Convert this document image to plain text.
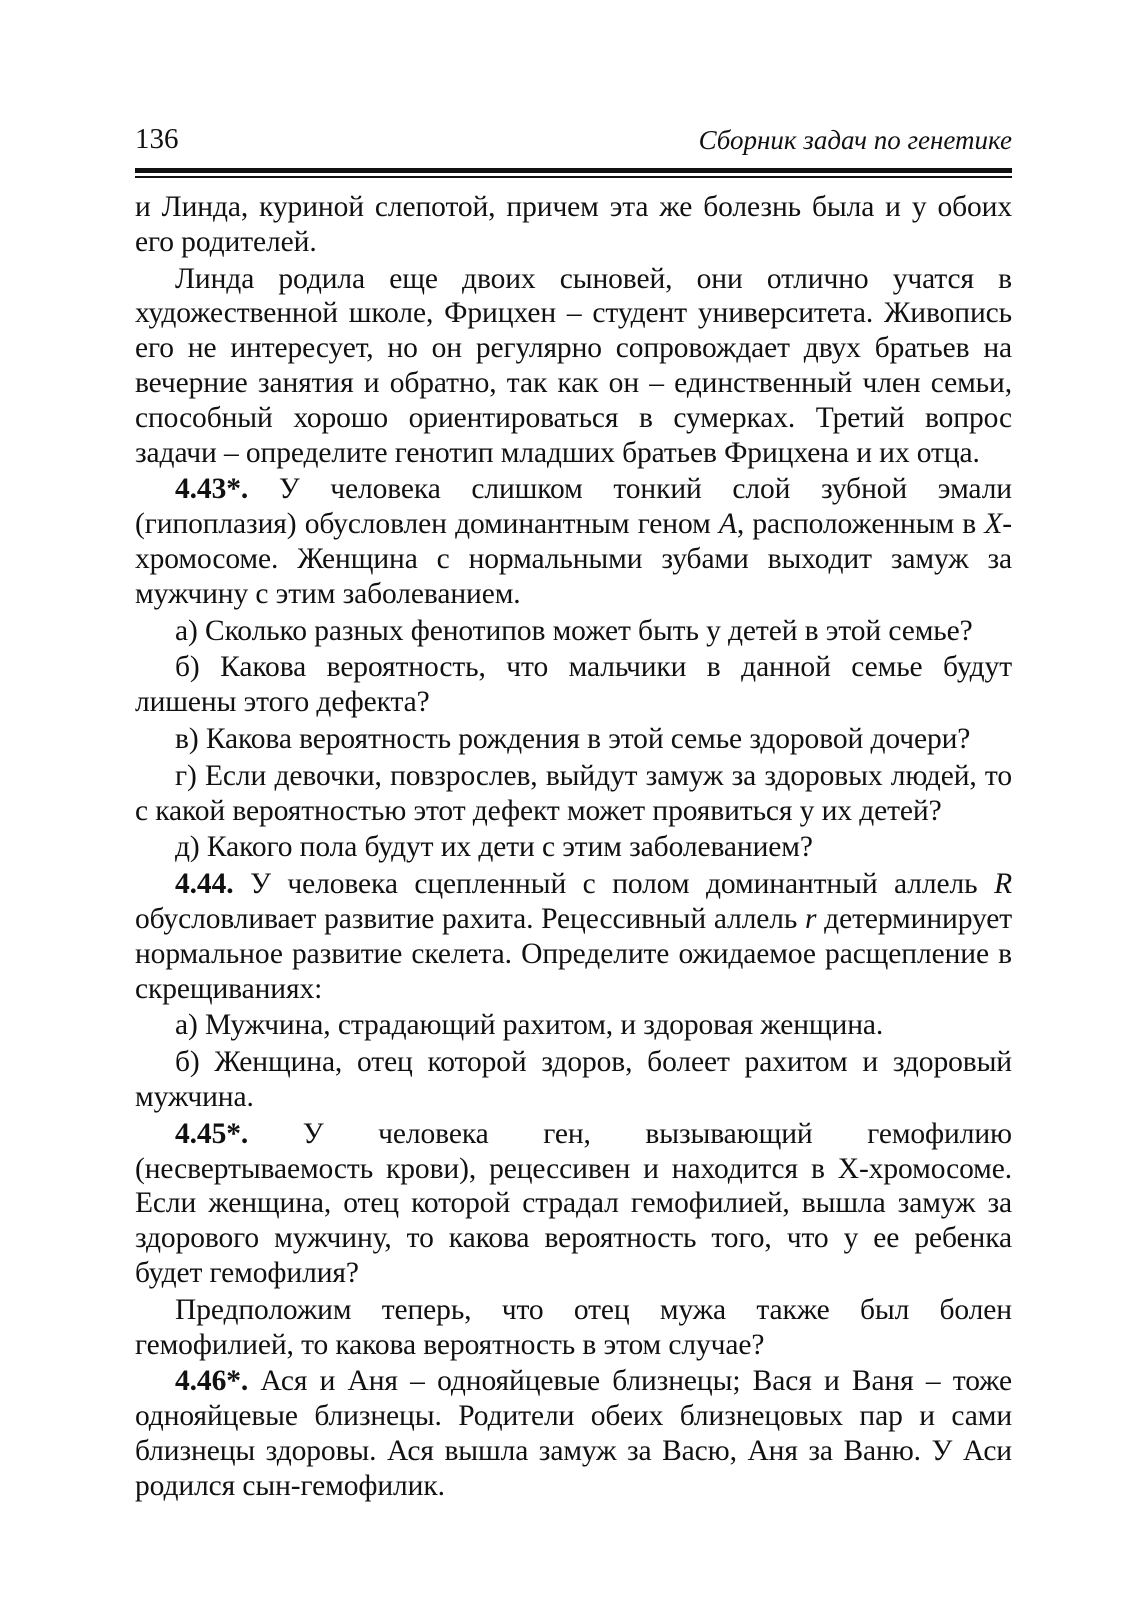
136	Сборник задач по генетике

и Линда, куриной слепотой, причем эта же болезнь была и у обоих его родителей.

Линда родила еще двоих сыновей, они отлично учатся в художественной школе, Фрицхен – студент университета. Живопись его не интересует, но он регулярно сопровождает двух братьев на вечерние занятия и обратно, так как он – единственный член семьи, способный хорошо ориентироваться в сумерках. Третий вопрос задачи – определите генотип младших братьев Фрицхена и их отца.

4.43*. У человека слишком тонкий слой зубной эмали (гипоплазия) обусловлен доминантным геном А, расположенным в Х-хромосоме. Женщина с нормальными зубами выходит замуж за мужчину с этим заболеванием.

а) Сколько разных фенотипов может быть у детей в этой семье?

б) Какова вероятность, что мальчики в данной семье будут лишены этого дефекта?

в) Какова вероятность рождения в этой семье здоровой дочери?

г) Если девочки, повзрослев, выйдут замуж за здоровых людей, то с какой вероятностью этот дефект может проявиться у их детей?

д) Какого пола будут их дети с этим заболеванием?

4.44. У человека сцепленный с полом доминантный аллель R обусловливает развитие рахита. Рецессивный аллель r детерминирует нормальное развитие скелета. Определите ожидаемое расщепление в скрещиваниях:

а) Мужчина, страдающий рахитом, и здоровая женщина.

б) Женщина, отец которой здоров, болеет рахитом и здоровый мужчина.

4.45*. У человека ген, вызывающий гемофилию (несвертываемость крови), рецессивен и находится в Х-хромосоме. Если женщина, отец которой страдал гемофилией, вышла замуж за здорового мужчину, то какова вероятность того, что у ее ребенка будет гемофилия?

Предположим теперь, что отец мужа также был болен гемофилией, то какова вероятность в этом случае?

4.46*. Ася и Аня – однояйцевые близнецы; Вася и Ваня – тоже однояйцевые близнецы. Родители обеих близнецовых пар и сами близнецы здоровы. Ася вышла замуж за Васю, Аня за Ваню. У Аси родился сын-гемофилик.
